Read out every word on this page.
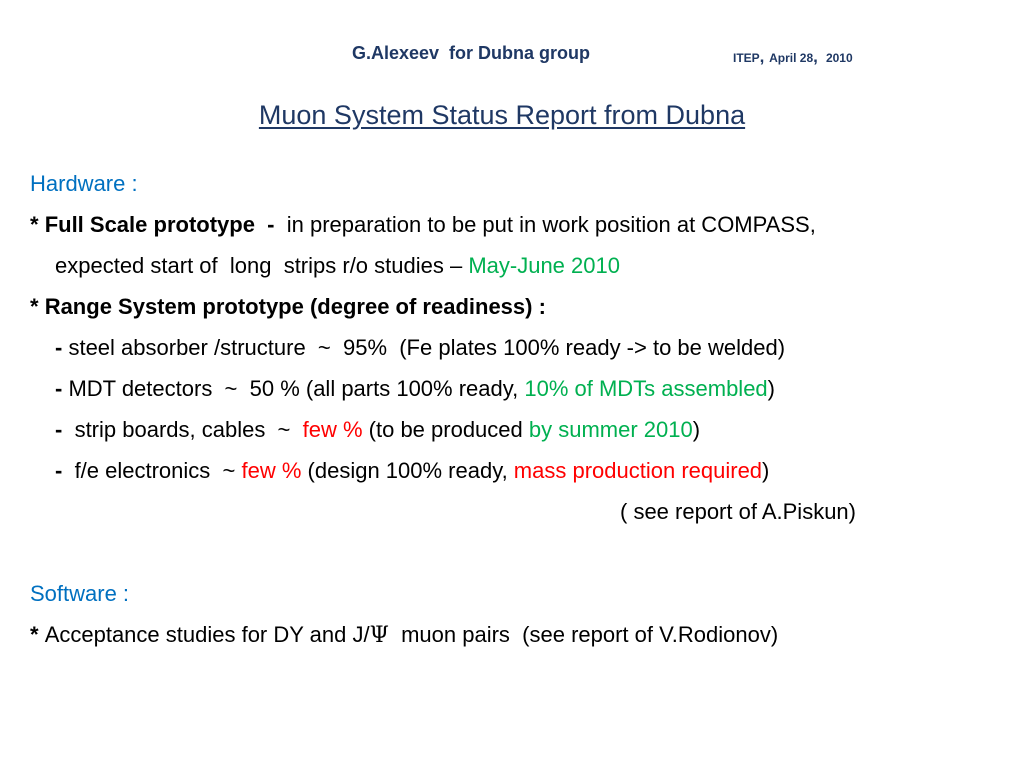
G.Alexeev  for Dubna group	ITEP, April 28,  2010
Muon System Status Report from Dubna
Hardware :
* Full Scale prototype  -  in preparation to be put in work position at COMPASS,
expected start of  long  strips r/o studies – May-June 2010
* Range System prototype (degree of readiness) :
- steel absorber /structure  ~  95%  (Fe plates 100% ready -> to be welded)
- MDT detectors  ~  50 % (all parts 100% ready, 10% of MDTs assembled)
-  strip boards, cables  ~  few % (to be produced by summer 2010)
-  f/e electronics  ~ few % (design 100% ready, mass production required)
( see report of A.Piskun)
Software :
* Acceptance studies for DY and J/Ψ  muon pairs  (see report of V.Rodionov)
